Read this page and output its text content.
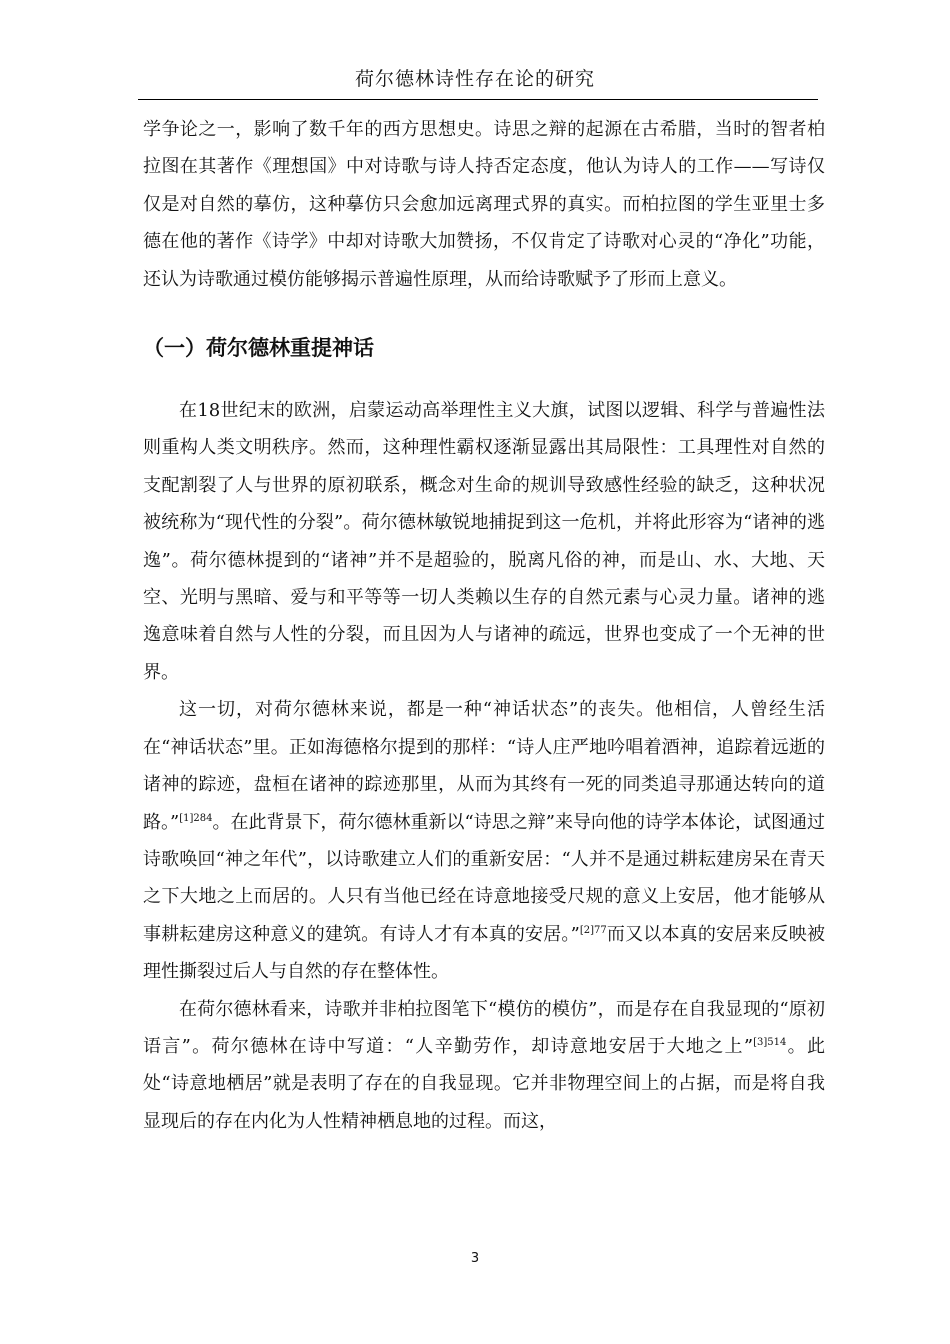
荷尔德林诗性存在论的研究

学争论之一，影响了数千年的西方思想史。诗思之辩的起源在古希腊，当时的智者柏拉图在其著作《理想国》中对诗歌与诗人持否定态度，他认为诗人的工作——写诗仅仅是对自然的摹仿，这种摹仿只会愈加远离理式界的真实。而柏拉图的学生亚里士多德在他的著作《诗学》中却对诗歌大加赞扬，不仅肯定了诗歌对心灵的“净化”功能，还认为诗歌通过模仿能够揭示普遍性原理，从而给诗歌赋予了形而上意义。

（一）荷尔德林重提神话

在18世纪末的欧洲，启蒙运动高举理性主义大旗，试图以逻辑、科学与普遍性法则重构人类文明秩序。然而，这种理性霸权逐渐显露出其局限性：工具理性对自然的支配割裂了人与世界的原初联系，概念对生命的规训导致感性经验的缺乏，这种状况被统称为“现代性的分裂”。荷尔德林敏锐地捕捉到这一危机，并将此形容为“诸神的逃逸”。荷尔德林提到的“诸神”并不是超验的，脱离凡俗的神，而是山、水、大地、天空、光明与黑暗、爱与和平等等一切人类赖以生存的自然元素与心灵力量。诸神的逃逸意味着自然与人性的分裂，而且因为人与诸神的疏远，世界也变成了一个无神的世界。

这一切，对荷尔德林来说，都是一种“神话状态”的丧失。他相信，人曾经生活在“神话状态”里。正如海德格尔提到的那样：“诗人庄严地吟唱着酒神，追踪着远逝的诸神的踪迹，盘桓在诸神的踪迹那里，从而为其终有一死的同类追寻那通达转向的道路。”$^{[1]284}$。在此背景下，荷尔德林重新以“诗思之辩”来导向他的诗学本体论，试图通过诗歌唤回“神之年代”，以诗歌建立人们的重新安居：“人并不是通过耕耘建房呆在青天之下大地之上而居的。人只有当他已经在诗意地接受尺规的意义上安居，他才能够从事耕耘建房这种意义的建筑。有诗人才有本真的安居。”$^{[2]77}$而又以本真的安居来反映被理性撕裂过后人与自然的存在整体性。

在荷尔德林看来，诗歌并非柏拉图笔下“模仿的模仿”，而是存在自我显现的“原初语言”。荷尔德林在诗中写道：“人辛勤劳作，却诗意地安居于大地之上”$^{[3]514}$。此处“诗意地栖居”就是表明了存在的自我显现。它并非物理空间上的占据，而是将自我显现后的存在内化为人性精神栖息地的过程。而这，

3
